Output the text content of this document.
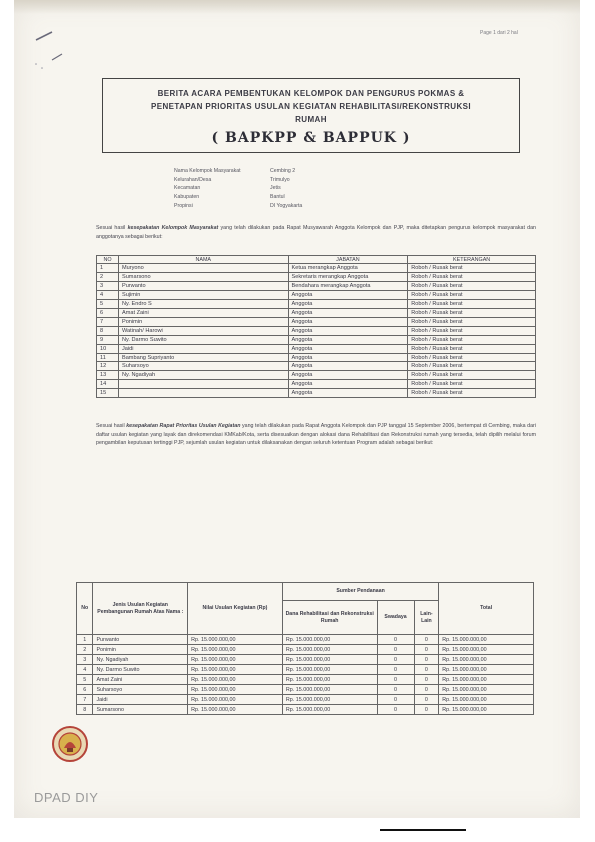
Page 1 dari 2 hal
BERITA ACARA PEMBENTUKAN KELOMPOK DAN PENGURUS POKMAS &
PENETAPAN PRIORITAS USULAN KEGIATAN REHABILITASI/REKONSTRUKSI
RUMAH
( BAPKPP & BAPPUK )
Nama Kelompok Masyarakat	Cembing 2
Kelurahan/Desa	Trimulyo
Kecamatan	Jetis
Kabupaten	Bantul
Propinsi	DI Yogyakarta

Sesuai hasil kesepakatan Kelompok Masyarakat yang telah dilakukan pada Rapat Musyawarah Anggota Kelompok dan PJP, maka ditetapkan pengurus kelompok masyarakat dan anggotanya sebagai berikut:

NO	NAMA	JABATAN	KETERANGAN
1	Muryono	Ketua merangkap Anggota	Roboh / Rusak berat
2	Sumarsono	Sekretaris merangkap Anggota	Roboh / Rusak berat
3	Purwanto	Bendahara merangkap Anggota	Roboh / Rusak berat
4	Sujimin	Anggota	Roboh / Rusak berat
5	Ny. Endro S	Anggota	Roboh / Rusak berat
6	Amat Zaini	Anggota	Roboh / Rusak berat
7	Ponimin	Anggota	Roboh / Rusak berat
8	Watinah/ Harowi	Anggota	Roboh / Rusak berat
9	Ny. Darmo Suwito	Anggota	Roboh / Rusak berat
10	Jaidi	Anggota	Roboh / Rusak berat
11	Bambang Supriyanto	Anggota	Roboh / Rusak berat
12	Suharsoyo	Anggota	Roboh / Rusak berat
13	Ny. Ngadiyah	Anggota	Roboh / Rusak berat
14		Anggota	Roboh / Rusak berat
15		Anggota	Roboh / Rusak berat

Sesuai hasil kesepakatan Rapat Prioritas Usulan Kegiatan yang telah dilakukan pada Rapat Anggota Kelompok dan PJP tanggal 15 September 2006, bertempat di Cembing, maka dari daftar usulan kegiatan yang layak dan direkomendasi KMKab/Kota, serta disesuaikan dengan alokasi dana Rehabilitasi dan Rekonstruksi rumah yang tersedia, telah dipilih melalui forum pengambilan keputusan tertinggi PJP, sejumlah usulan kegiatan untuk dilaksanakan dengan seluruh ketentuan Program adalah sebagai berikut:

No	Jenis Usulan Kegiatan Pembangunan Rumah Atas Nama :	Nilai Usulan Kegiatan (Rp)	Sumber Pendanaan			Total
			Dana Rehabilitasi dan Rekonstruksi Rumah	Swadaya	Lain-Lain	
1	Purwanto	Rp. 15.000.000,00	Rp. 15.000.000,00	0	0	Rp. 15.000.000,00
2	Ponimin	Rp. 15.000.000,00	Rp. 15.000.000,00	0	0	Rp. 15.000.000,00
3	Ny. Ngadiyah	Rp. 15.000.000,00	Rp. 15.000.000,00	0	0	Rp. 15.000.000,00
4	Ny. Darmo Suwito	Rp. 15.000.000,00	Rp. 15.000.000,00	0	0	Rp. 15.000.000,00
5	Amat Zaini	Rp. 15.000.000,00	Rp. 15.000.000,00	0	0	Rp. 15.000.000,00
6	Suharsoyo	Rp. 15.000.000,00	Rp. 15.000.000,00	0	0	Rp. 15.000.000,00
7	Jaidi	Rp. 15.000.000,00	Rp. 15.000.000,00	0	0	Rp. 15.000.000,00
8	Sumarsono	Rp. 15.000.000,00	Rp. 15.000.000,00	0	0	Rp. 15.000.000,00
DPAD DIY
